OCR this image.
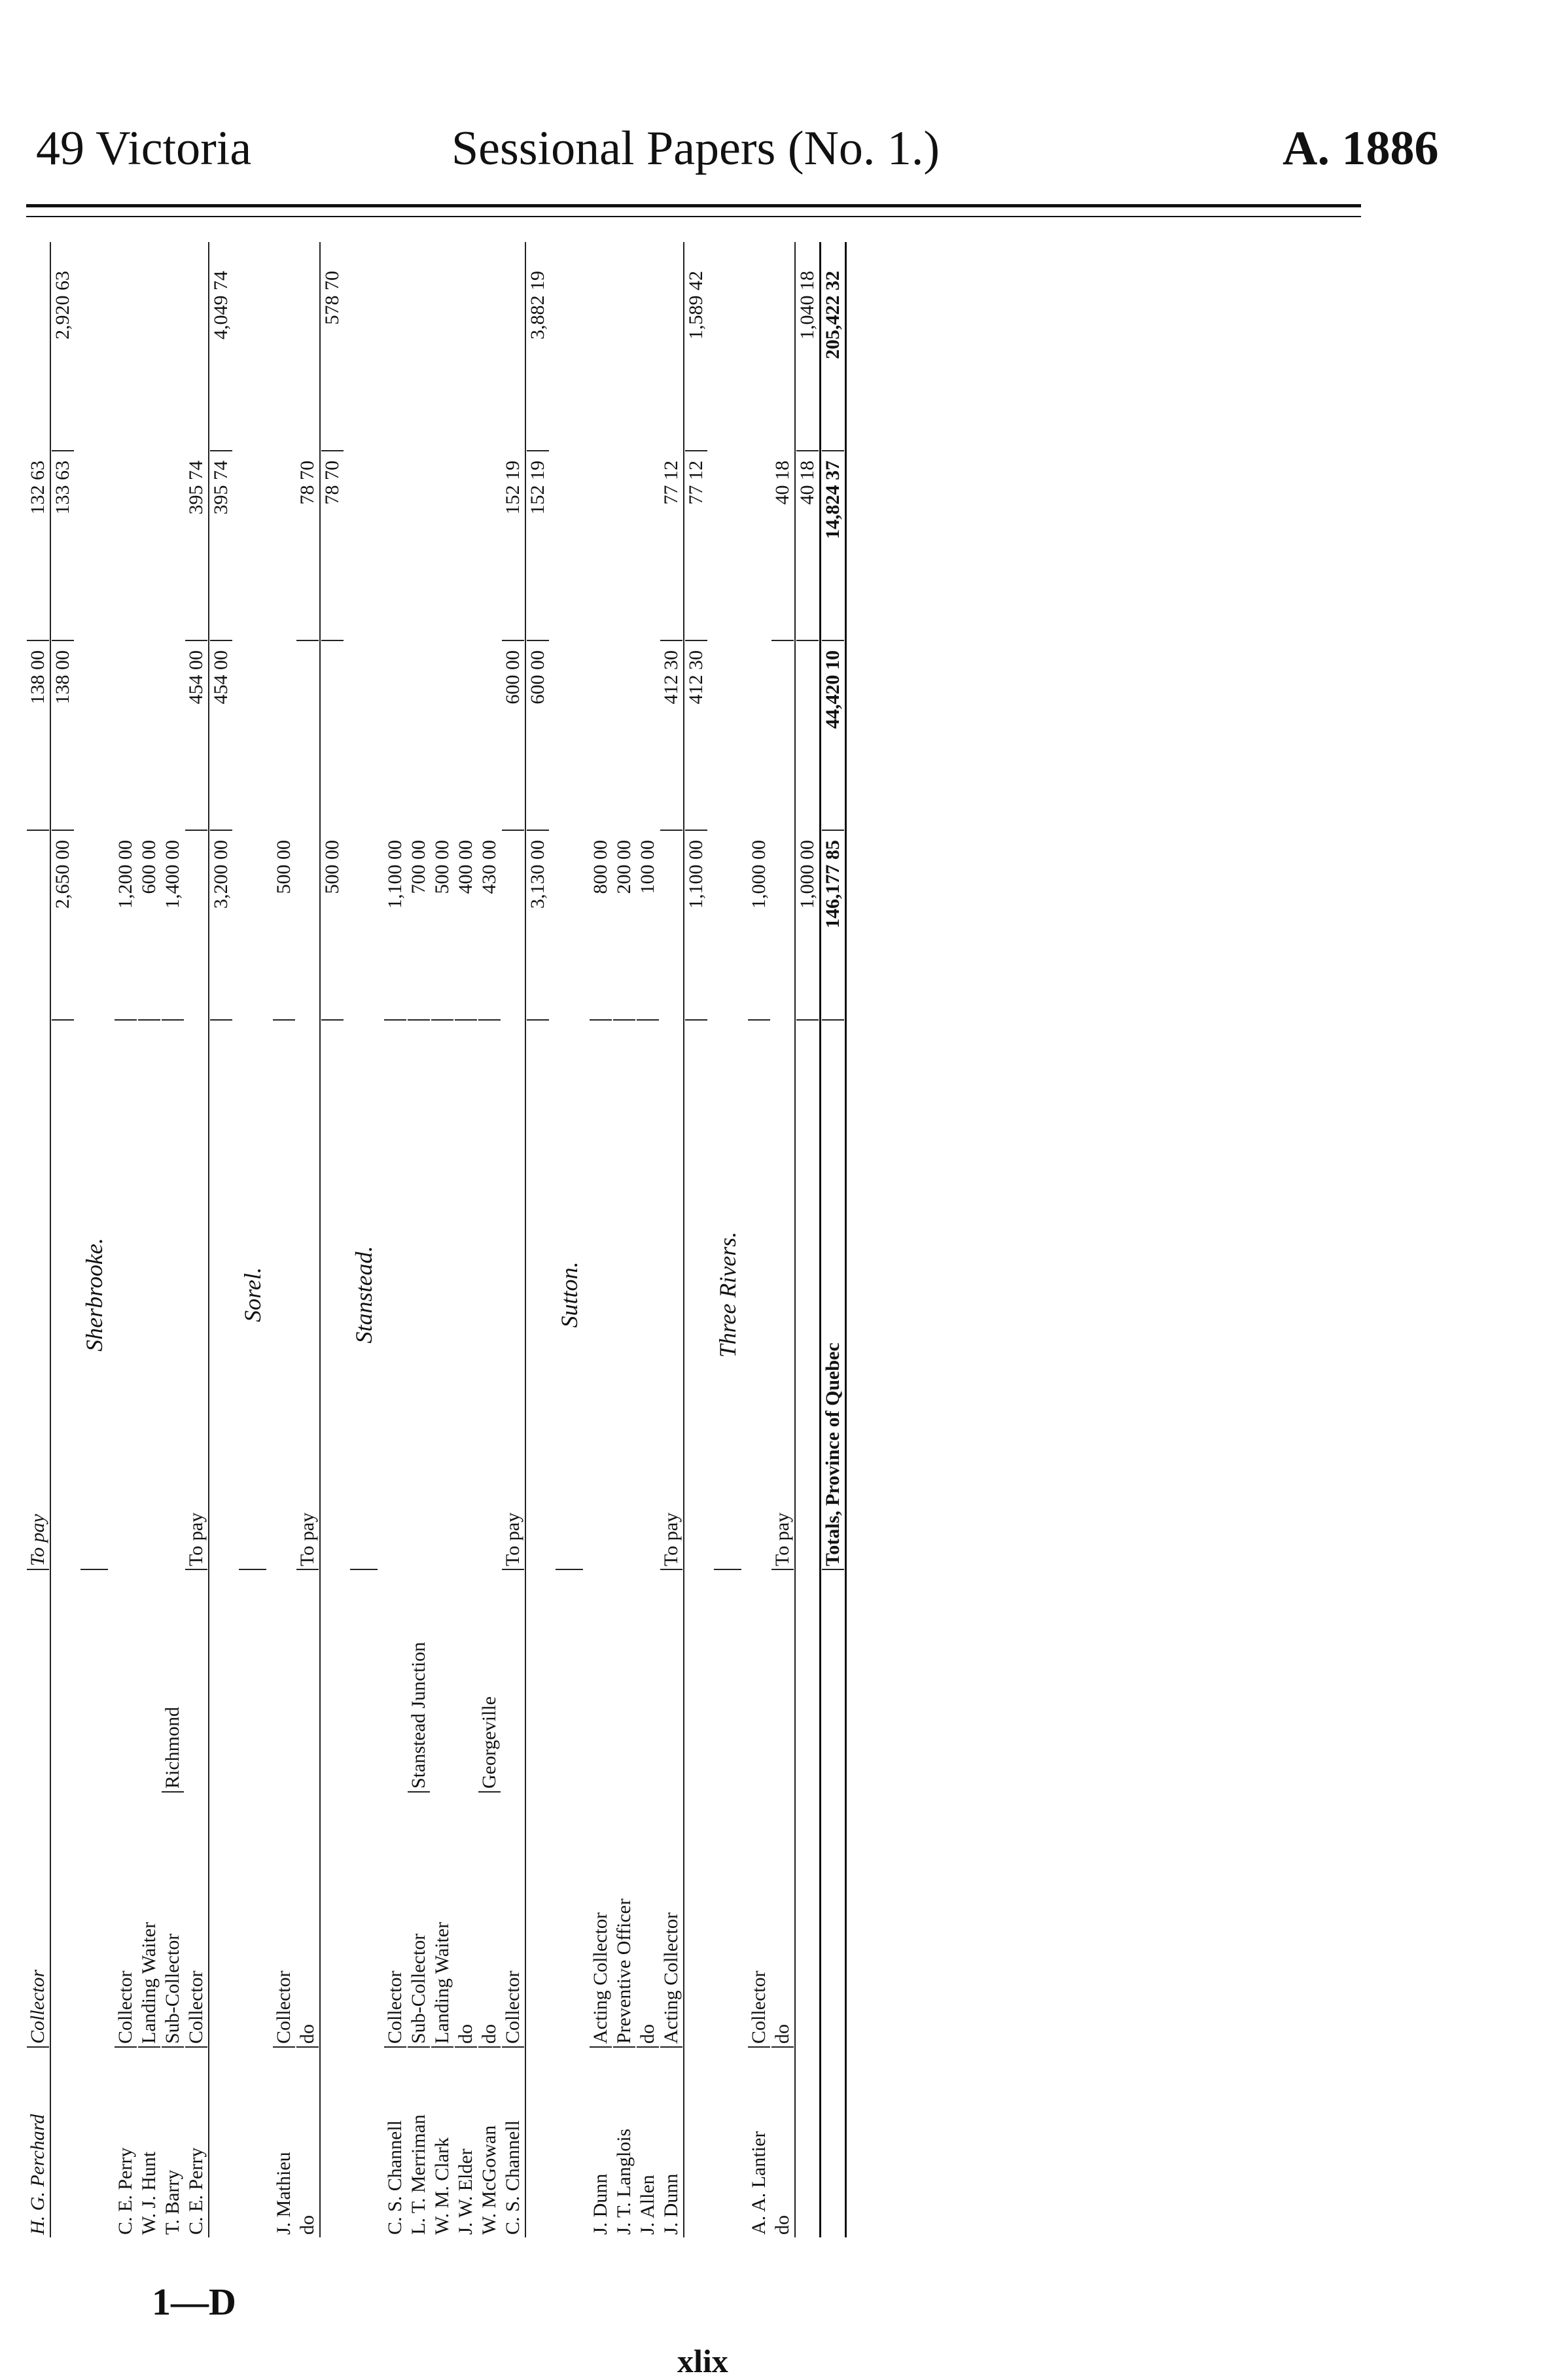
49 Victoria	Sessional Papers (No. 1.)	A. 1886
H. G. Perchard
Collector
To pay
138 00
132 63
2,650 00
138 00
133 63
2,920 63
Sherbrooke.
C. E. Perry
Collector
1,200 00
W. J. Hunt
Landing Waiter
600 00
T. Barry
Sub-Collector
Richmond
1,400 00
C. E. Perry
Collector
To pay
454 00
395 74
3,200 00
454 00
395 74
4,049 74
Sorel.
J. Mathieu
Collector
500 00
do
do
To pay
78 70
500 00
78 70
578 70
Stanstead.
C. S. Channell
Collector
1,100 00
L. T. Merriman
Sub-Collector
Stanstead Junction
700 00
W. M. Clark
Landing Waiter
500 00
J. W. Elder
do
400 00
W. McGowan
do
Georgeville
430 00
C. S. Channell
Collector
To pay
600 00
152 19
3,130 00
600 00
152 19
3,882 19
Sutton.
J. Dunn
Acting Collector
800 00
J. T. Langlois
Preventive Officer
200 00
J. Allen
do
100 00
J. Dunn
Acting Collector
To pay
412 30
77 12
1,100 00
412 30
77 12
1,589 42
Three Rivers.
A. A. Lantier
Collector
1,000 00
do
do
To pay
40 18
1,000 00
40 18
1,040 18
Totals, Province of Quebec
146,177 85
44,420 10
14,824 37
205,422 32
1—D
xlix
